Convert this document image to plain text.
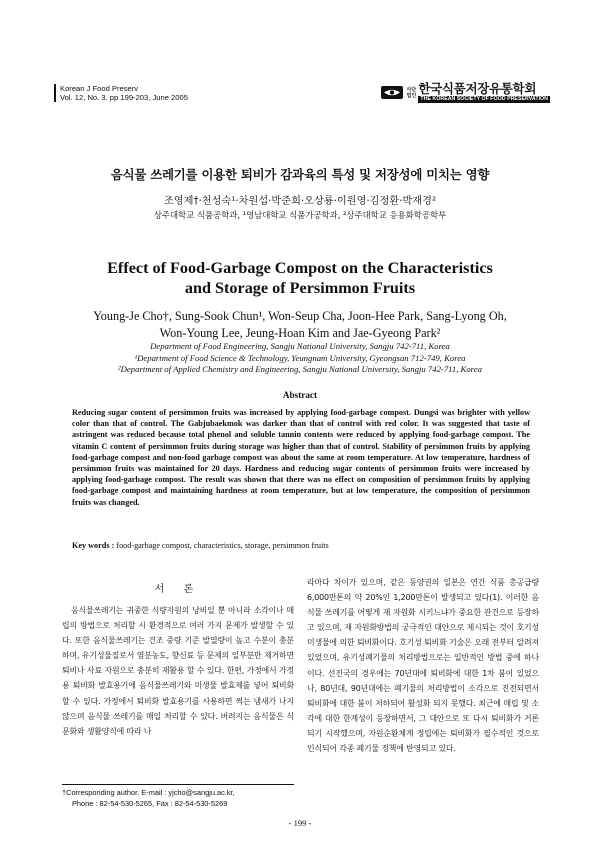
Korean J Food Preserv
Vol. 12, No. 3. pp 199-203, June 2005
사단 법인 한국식품저장유통학회
THE KOREAN SOCIETY OF FOOD PRESERVATION
음식물 쓰레기를 이용한 퇴비가 감과육의 특성 및 저장성에 미치는 영향
조영제†·천성숙¹·차원섭·박준희·오상룡·이원영·김정환·박재경²
상주대학교 식품공학과, ¹영남대학교 식품가공학과, ²상주대학교 응용화학공학부
Effect of Food-Garbage Compost on the Characteristics
and Storage of Persimmon Fruits
Young-Je Cho†, Sung-Sook Chun¹, Won-Seup Cha, Joon-Hee Park, Sang-Lyong Oh,
Won-Young Lee, Jeung-Hoan Kim and Jae-Gyeong Park²
Department of Food Engineering, Sangju National University, Sangju 742-711, Korea
¹Department of Food Science & Technology, Yeungnam University, Gyeongsan 712-749, Korea
²Department of Applied Chemistry and Engineering, Sangju National University, Sangju 742-711, Korea
Abstract
Reducing sugar content of persimmon fruits was increased by applying food-garbage compost. Dungsi was brighter with yellow color than that of control. The Gabjubaekmok was darker than that of control with red color. It was suggested that taste of astringent was reduced because total phenol and soluble tannin contents were reduced by applying food-garbage compost. The vitamin C content of persimmon fruits during storage was higher than that of control. Stability of persimmon fruits by applying food-garbage compost and non-food garbage compost was about the same at room temperature. At low temperature, hardness of persimmon fruits was maintained for 20 days. Hardness and reducing sugar contents of persimmon fruits were increased by applying food-garbage compost. The result was shown that there was no effect on composition of persimmon fruits by applying food-garbage compost and maintaining hardness at room temperature, but at low temperature, the composition of persimmon fruits was changed.
Key words : food-garbage compost, characteristics, storage, persimmon fruits
서 론

음식물쓰레기는 귀중한 식량자원의 낭비일 뿐 아니라 소각이나 매립의 방법으로 처리할 시 환경적으로 여러 가지 문제가 발생할 수 있다. 또한 음식물쓰레기는 건조 중량 기준 발열량이 높고 수분이 충분하며, 유기성물질로서 염분농도, 향신료 등 문제의 일부분만 제거하면 퇴비나 사료 자원으로 충분히 재활용 할 수 있다. 한편, 가정에서 가정용 퇴비화 발효용기에 음식물쓰레기와 미생물 발효제를 넣어 퇴비화 할 수 있다. 가정에서 퇴비화 발효용기를 사용하면 썩는 냄새가 나지 않으며 음식물 쓰레기를 매일 처리할 수 있다. 버려지는 음식물은 식문화와 생활양식에 따라 나

라마다 차이가 있으며, 같은 동양권의 일본은 연간 식품 총공급량 6,000만톤의 약 20%인 1,200만톤이 발생되고 있다(1). 이러한 음식물 쓰레기를 어떻게 재 자원화 시키느냐가 중요한 관건으로 등장하고 있으며, 재 자원화방법의 궁극적인 대안으로 제시되는 것이 호기성미생물에 의한 퇴비화이다. 호기성 퇴비화 기술은 오래 전부터 알려져 있었으며, 유기성폐기물의 처리방법으로는 일반적인 방법 중에 하나이다. 선진국의 경우에는 70년대에 퇴비화에 대한 1차 붐이 있었으나, 80년대, 90년대에는 폐기물의 처리방법이 소각으로 진전되면서 퇴비화에 대한 붐이 저하되어 활성화 되지 못했다. 최근에 매립 및 소각에 대한 한계성이 등장하면서, 그 대안으로 또 다시 퇴비화가 거론되기 시작했으며, 자원순환체계 정립에는 퇴비화가 필수적인 것으로 인식되어 각종 폐기물 정책에 반영되고 있다.

†Corresponding author. E-mail : yjcho@sangju.ac.kr,
Phone : 82-54-530-5265, Fax : 82-54-530-5269
- 199 -
